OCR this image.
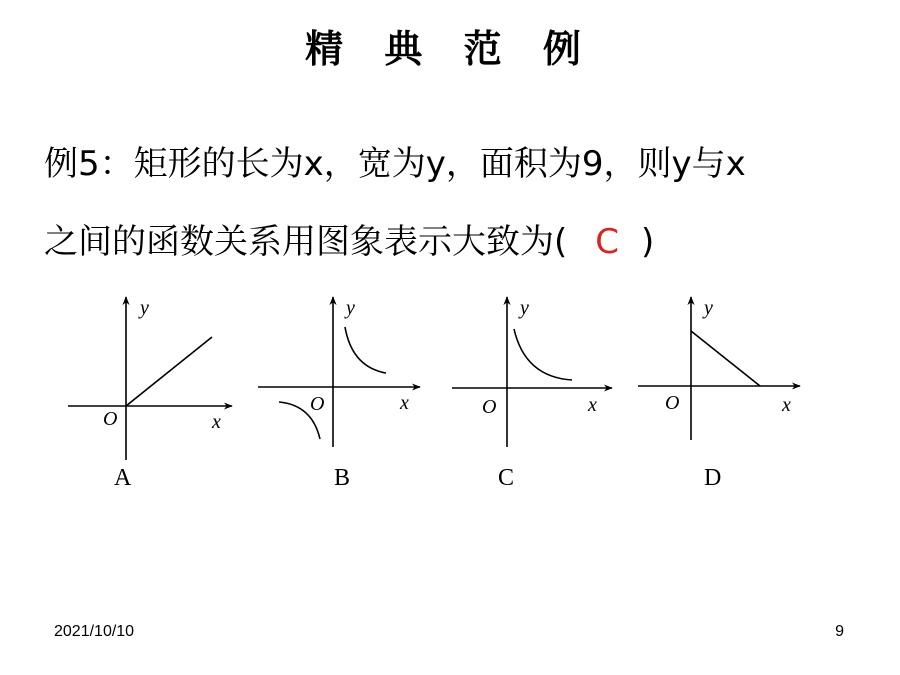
精 典 范 例
例5：矩形的长为x，宽为y，面积为9，则y与x
之间的函数关系用图象表示大致为( C )
y
x
O
A
y
x
O
B
y
x
O
C
y
x
O
D
2021/10/10	9
